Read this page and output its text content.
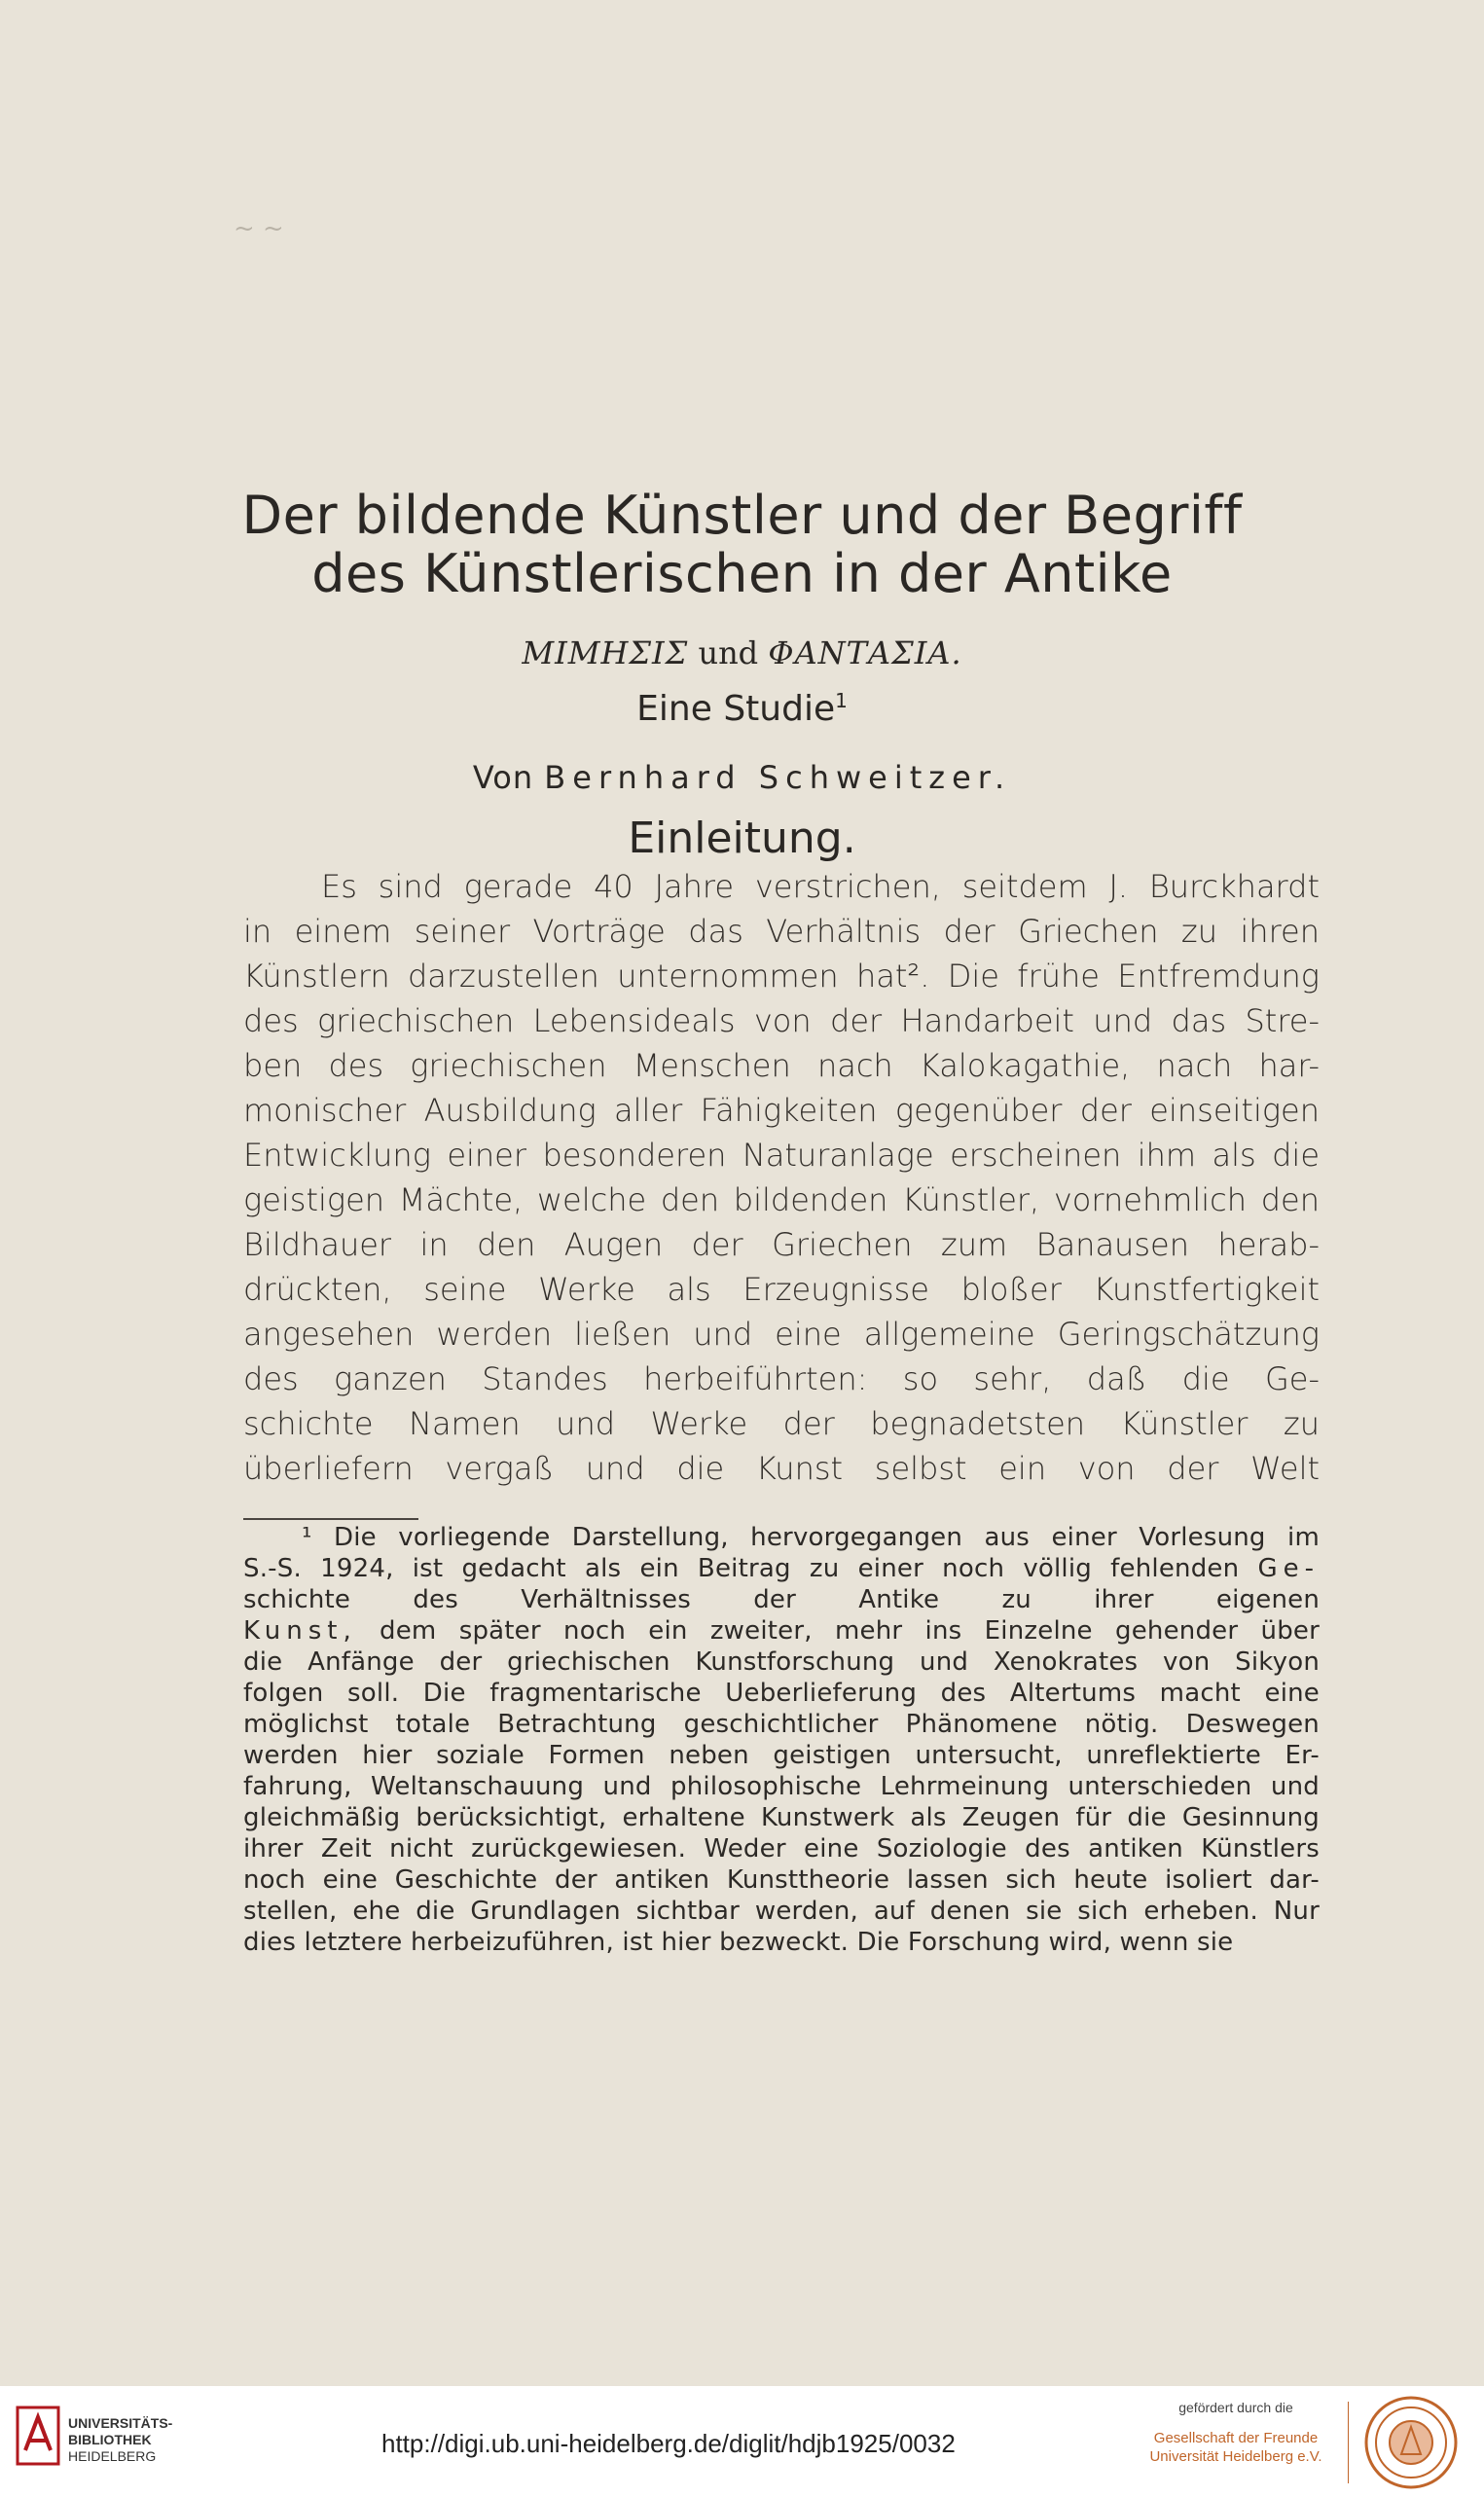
~ ~
Der bildende Künstler und der Begriff
des Künstlerischen in der Antike
ΜΙΜΗΣΙΣ und ΦΑΝΤΑΣΙΑ.
Eine Studie$^1$
Von Bernhard Schweitzer.
Einleitung.
Es sind gerade 40 Jahre verstrichen, seitdem J. Burckhardt
in einem seiner Vorträge das Verhältnis der Griechen zu ihren
Künstlern darzustellen unternommen hat². Die frühe Entfremdung
des griechischen Lebensideals von der Handarbeit und das Stre-
ben des griechischen Menschen nach Kalokagathie, nach har-
monischer Ausbildung aller Fähigkeiten gegenüber der einseitigen
Entwicklung einer besonderen Naturanlage erscheinen ihm als die
geistigen Mächte, welche den bildenden Künstler, vornehmlich den
Bildhauer in den Augen der Griechen zum Banausen herab-
drückten, seine Werke als Erzeugnisse bloßer Kunstfertigkeit
angesehen werden ließen und eine allgemeine Geringschätzung
des ganzen Standes herbeiführten: so sehr, daß die Ge-
schichte Namen und Werke der begnadetsten Künstler zu
überliefern vergaß und die Kunst selbst ein von der Welt
¹ Die vorliegende Darstellung, hervorgegangen aus einer Vorlesung im
S.-S. 1924, ist gedacht als ein Beitrag zu einer noch völlig fehlenden Ge-
schichte des Verhältnisses der Antike zu ihrer eigenen
Kunst, dem später noch ein zweiter, mehr ins Einzelne gehender über
die Anfänge der griechischen Kunstforschung und Xenokrates von Sikyon
folgen soll. Die fragmentarische Ueberlieferung des Altertums macht eine
möglichst totale Betrachtung geschichtlicher Phänomene nötig. Deswegen
werden hier soziale Formen neben geistigen untersucht, unreflektierte Er-
fahrung, Weltanschauung und philosophische Lehrmeinung unterschieden und
gleichmäßig berücksichtigt, erhaltene Kunstwerk als Zeugen für die Gesinnung
ihrer Zeit nicht zurückgewiesen. Weder eine Soziologie des antiken Künstlers
noch eine Geschichte der antiken Kunsttheorie lassen sich heute isoliert dar-
stellen, ehe die Grundlagen sichtbar werden, auf denen sie sich erheben. Nur
dies letztere herbeizuführen, ist hier bezweckt. Die Forschung wird, wenn sie
UNIVERSITÄTS-
BIBLIOTHEK
HEIDELBERG	http://digi.ub.uni-heidelberg.de/diglit/hdjb1925/0032
gefördert durch die
Gesellschaft der Freunde
Universität Heidelberg e.V.
